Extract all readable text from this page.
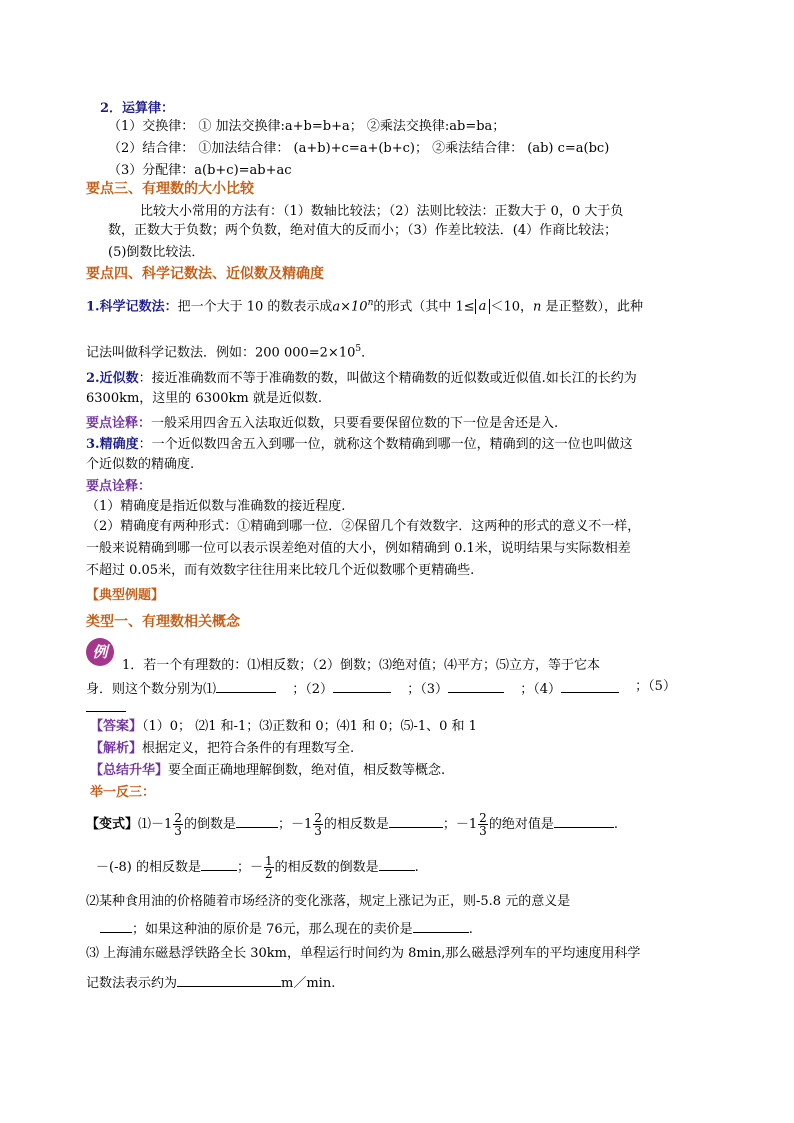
2．运算律：
（1）交换律： ① 加法交换律:a+b=b+a； ②乘法交换律:ab=ba；
（2）结合律： ①加法结合律： (a+b)+c=a+(b+c)； ②乘法结合律： (ab) c=a(bc)
（3）分配律：a(b+c)=ab+ac
要点三、有理数的大小比较
比较大小常用的方法有：（1）数轴比较法；（2）法则比较法：正数大于 0，0 大于负
数，正数大于负数；两个负数，绝对值大的反而小；（3）作差比较法．(4）作商比较法；
(5)倒数比较法．
要点四、科学记数法、近似数及精确度
1.科学记数法：把一个大于 10 的数表示成$a\times 10^n$的形式（其中 1≤ a ＜10，n 是正整数），此种
记法叫做科学记数法．例如：200 $000=2\times 10^5$．
2.近似数：接近准确数而不等于准确数的数，叫做这个精确数的近似数或近似值.如长江的长约为
6300km，这里的 6300km 就是近似数.
要点诠释：一般采用四舍五入法取近似数，只要看要保留位数的下一位是舍还是入.
3.精确度：一个近似数四舍五入到哪一位，就称这个数精确到哪一位，精确到的这一位也叫做这
个近似数的精确度.
要点诠释：
（1）精确度是指近似数与准确数的接近程度.
（2）精确度有两种形式：①精确到哪一位．②保留几个有效数字．这两种的形式的意义不一样，
一般来说精确到哪一位可以表示误差绝对值的大小，例如精确到 0.1米，说明结果与实际数相差
不超过 0.05米，而有效数字往往用来比较几个近似数哪个更精确些.
【典型例题】
类型一、有理数相关概念
例
1．若一个有理数的：⑴相反数；（2）倒数；⑶绝对值；⑷平方；⑸立方，等于它本
身．则这个数分别为⑴	；（2）	；（3）	；（4）	；（5）
【答案】（1）0； ⑵1 和-1；⑶正数和 0；⑷1 和 0；⑸-1、0 和 1
【解析】根据定义，把符合条件的有理数写全.
【总结升华】要全面正确地理解倒数，绝对值，相反数等概念.
举一反三：
【变式】⑴－1 $\frac{2}{3}$ 的倒数是	；$-1 \frac{2}{3}$ 的相反数是	；$-1 \frac{2}{3}$ 的绝对值是	.
－(-8) 的相反数是	；－ $\frac{1}{2}$ 的相反数的倒数是	.
⑵某种食用油的价格随着市场经济的变化涨落，规定上涨记为正，则-5.8 元的意义是
；如果这种油的原价是 76元，那么现在的卖价是	.
⑶ 上海浦东磁悬浮铁路全长 30km，单程运行时间约为 8min,那么磁悬浮列车的平均速度用科学
记数法表示约为	m／min.
